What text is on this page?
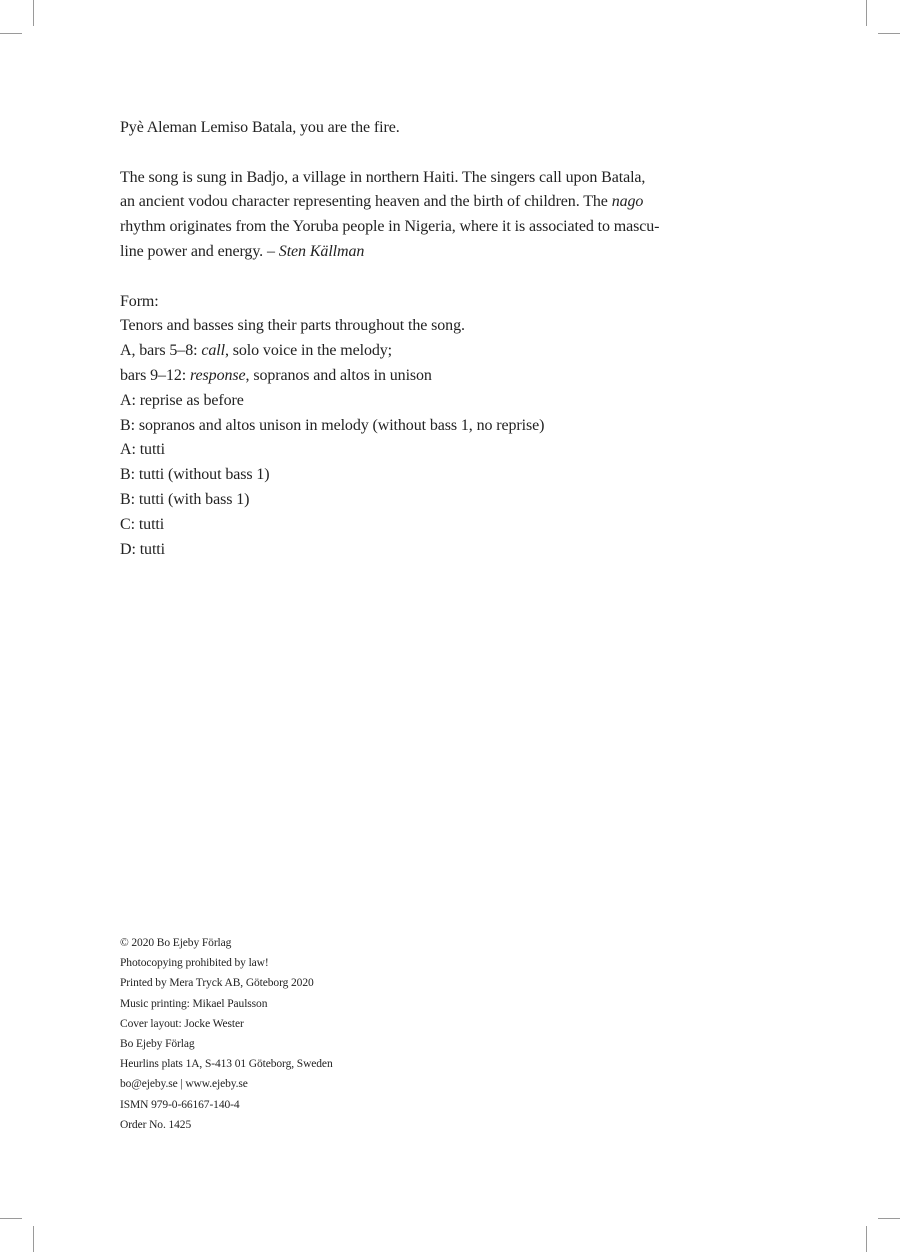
Pyè Aleman Lemiso Batala, you are the fire.

The song is sung in Badjo, a village in northern Haiti. The singers call upon Batala,
an ancient vodou character representing heaven and the birth of children. The nago
rhythm originates from the Yoruba people in Nigeria, where it is associated to mascu-
line power and energy. – Sten Källman

Form:

Tenors and basses sing their parts throughout the song.

A, bars 5–8: call, solo voice in the melody;

bars 9–12: response, sopranos and altos in unison

A: reprise as before

B: sopranos and altos unison in melody (without bass 1, no reprise)

A: tutti

B: tutti (without bass 1)

B: tutti (with bass 1)

C: tutti

D: tutti

© 2020 Bo Ejeby Förlag
Photocopying prohibited by law!
Printed by Mera Tryck AB, Göteborg 2020
Music printing: Mikael Paulsson
Cover layout: Jocke Wester
Bo Ejeby Förlag
Heurlins plats 1A, S-413 01 Göteborg, Sweden
bo@ejeby.se | www.ejeby.se
ISMN 979-0-66167-140-4
Order No. 1425
